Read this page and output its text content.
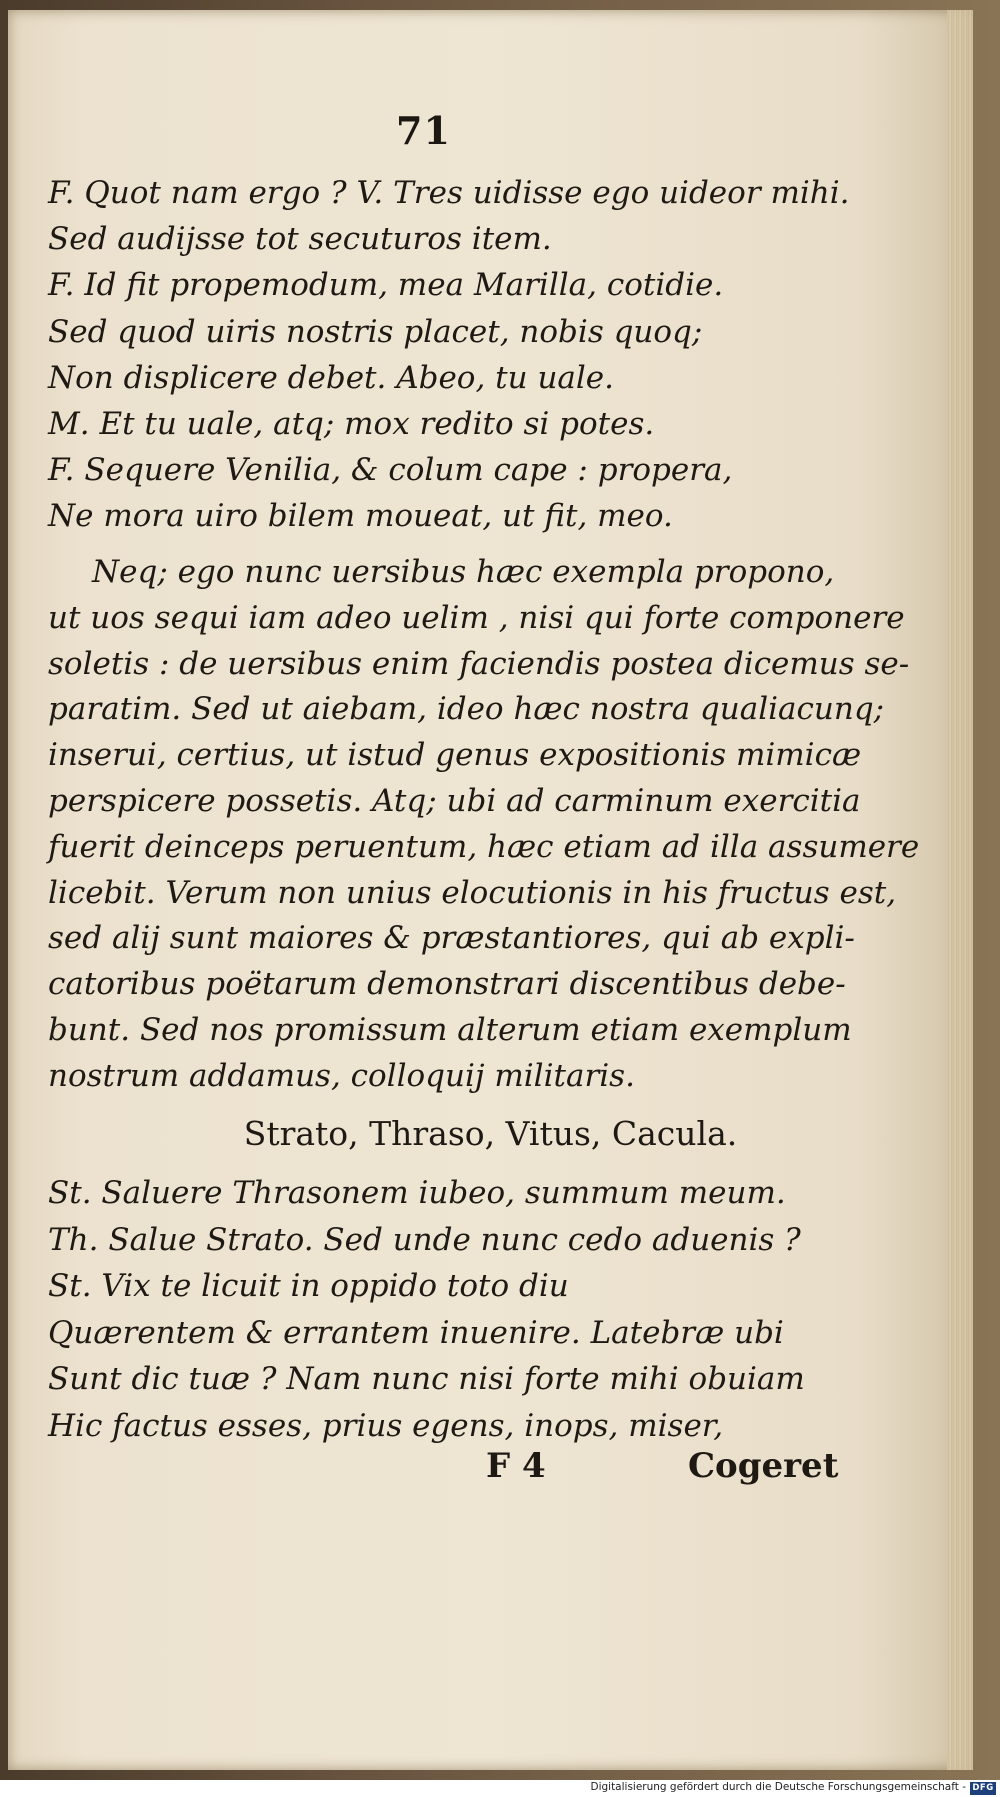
71
F. Quot nam ergo ? V. Tres uidisse ego uideor mihi.
Sed audijsse tot secuturos item.
F. Id fit propemodum, mea Marilla, cotidie.
Sed quod uiris nostris placet, nobis quoq;
Non displicere debet. Abeo, tu uale.
M. Et tu uale, atq; mox redito si potes.
F. Sequere Venilia, & colum cape : propera,
Ne mora uiro bilem moueat, ut fit, meo.
Neq; ego nunc uersibus hæc exempla propono,
ut uos sequi iam adeo uelim , nisi qui forte componere
soletis : de uersibus enim faciendis postea dicemus se-
paratim. Sed ut aiebam, ideo hæc nostra qualiacunq;
inserui, certius, ut istud genus expositionis mimicæ
perspicere possetis. Atq; ubi ad carminum exercitia
fuerit deinceps peruentum, hæc etiam ad illa assumere
licebit. Verum non unius elocutionis in his fructus est,
sed alij sunt maiores & præstantiores, qui ab expli-
catoribus poëtarum demonstrari discentibus debe-
bunt. Sed nos promissum alterum etiam exemplum
nostrum addamus, colloquij militaris.
Strato, Thraso, Vitus, Cacula.
St. Saluere Thrasonem iubeo, summum meum.
Th. Salue Strato. Sed unde nunc cedo aduenis ?
St. Vix te licuit in oppido toto diu
Quærentem & errantem inuenire. Latebræ ubi
Sunt dic tuæ ? Nam nunc nisi forte mihi obuiam
Hic factus esses, prius egens, inops, miser,
F 4	Cogeret
Digitalisierung gefördert durch die Deutsche Forschungsgemeinschaft - DFG
